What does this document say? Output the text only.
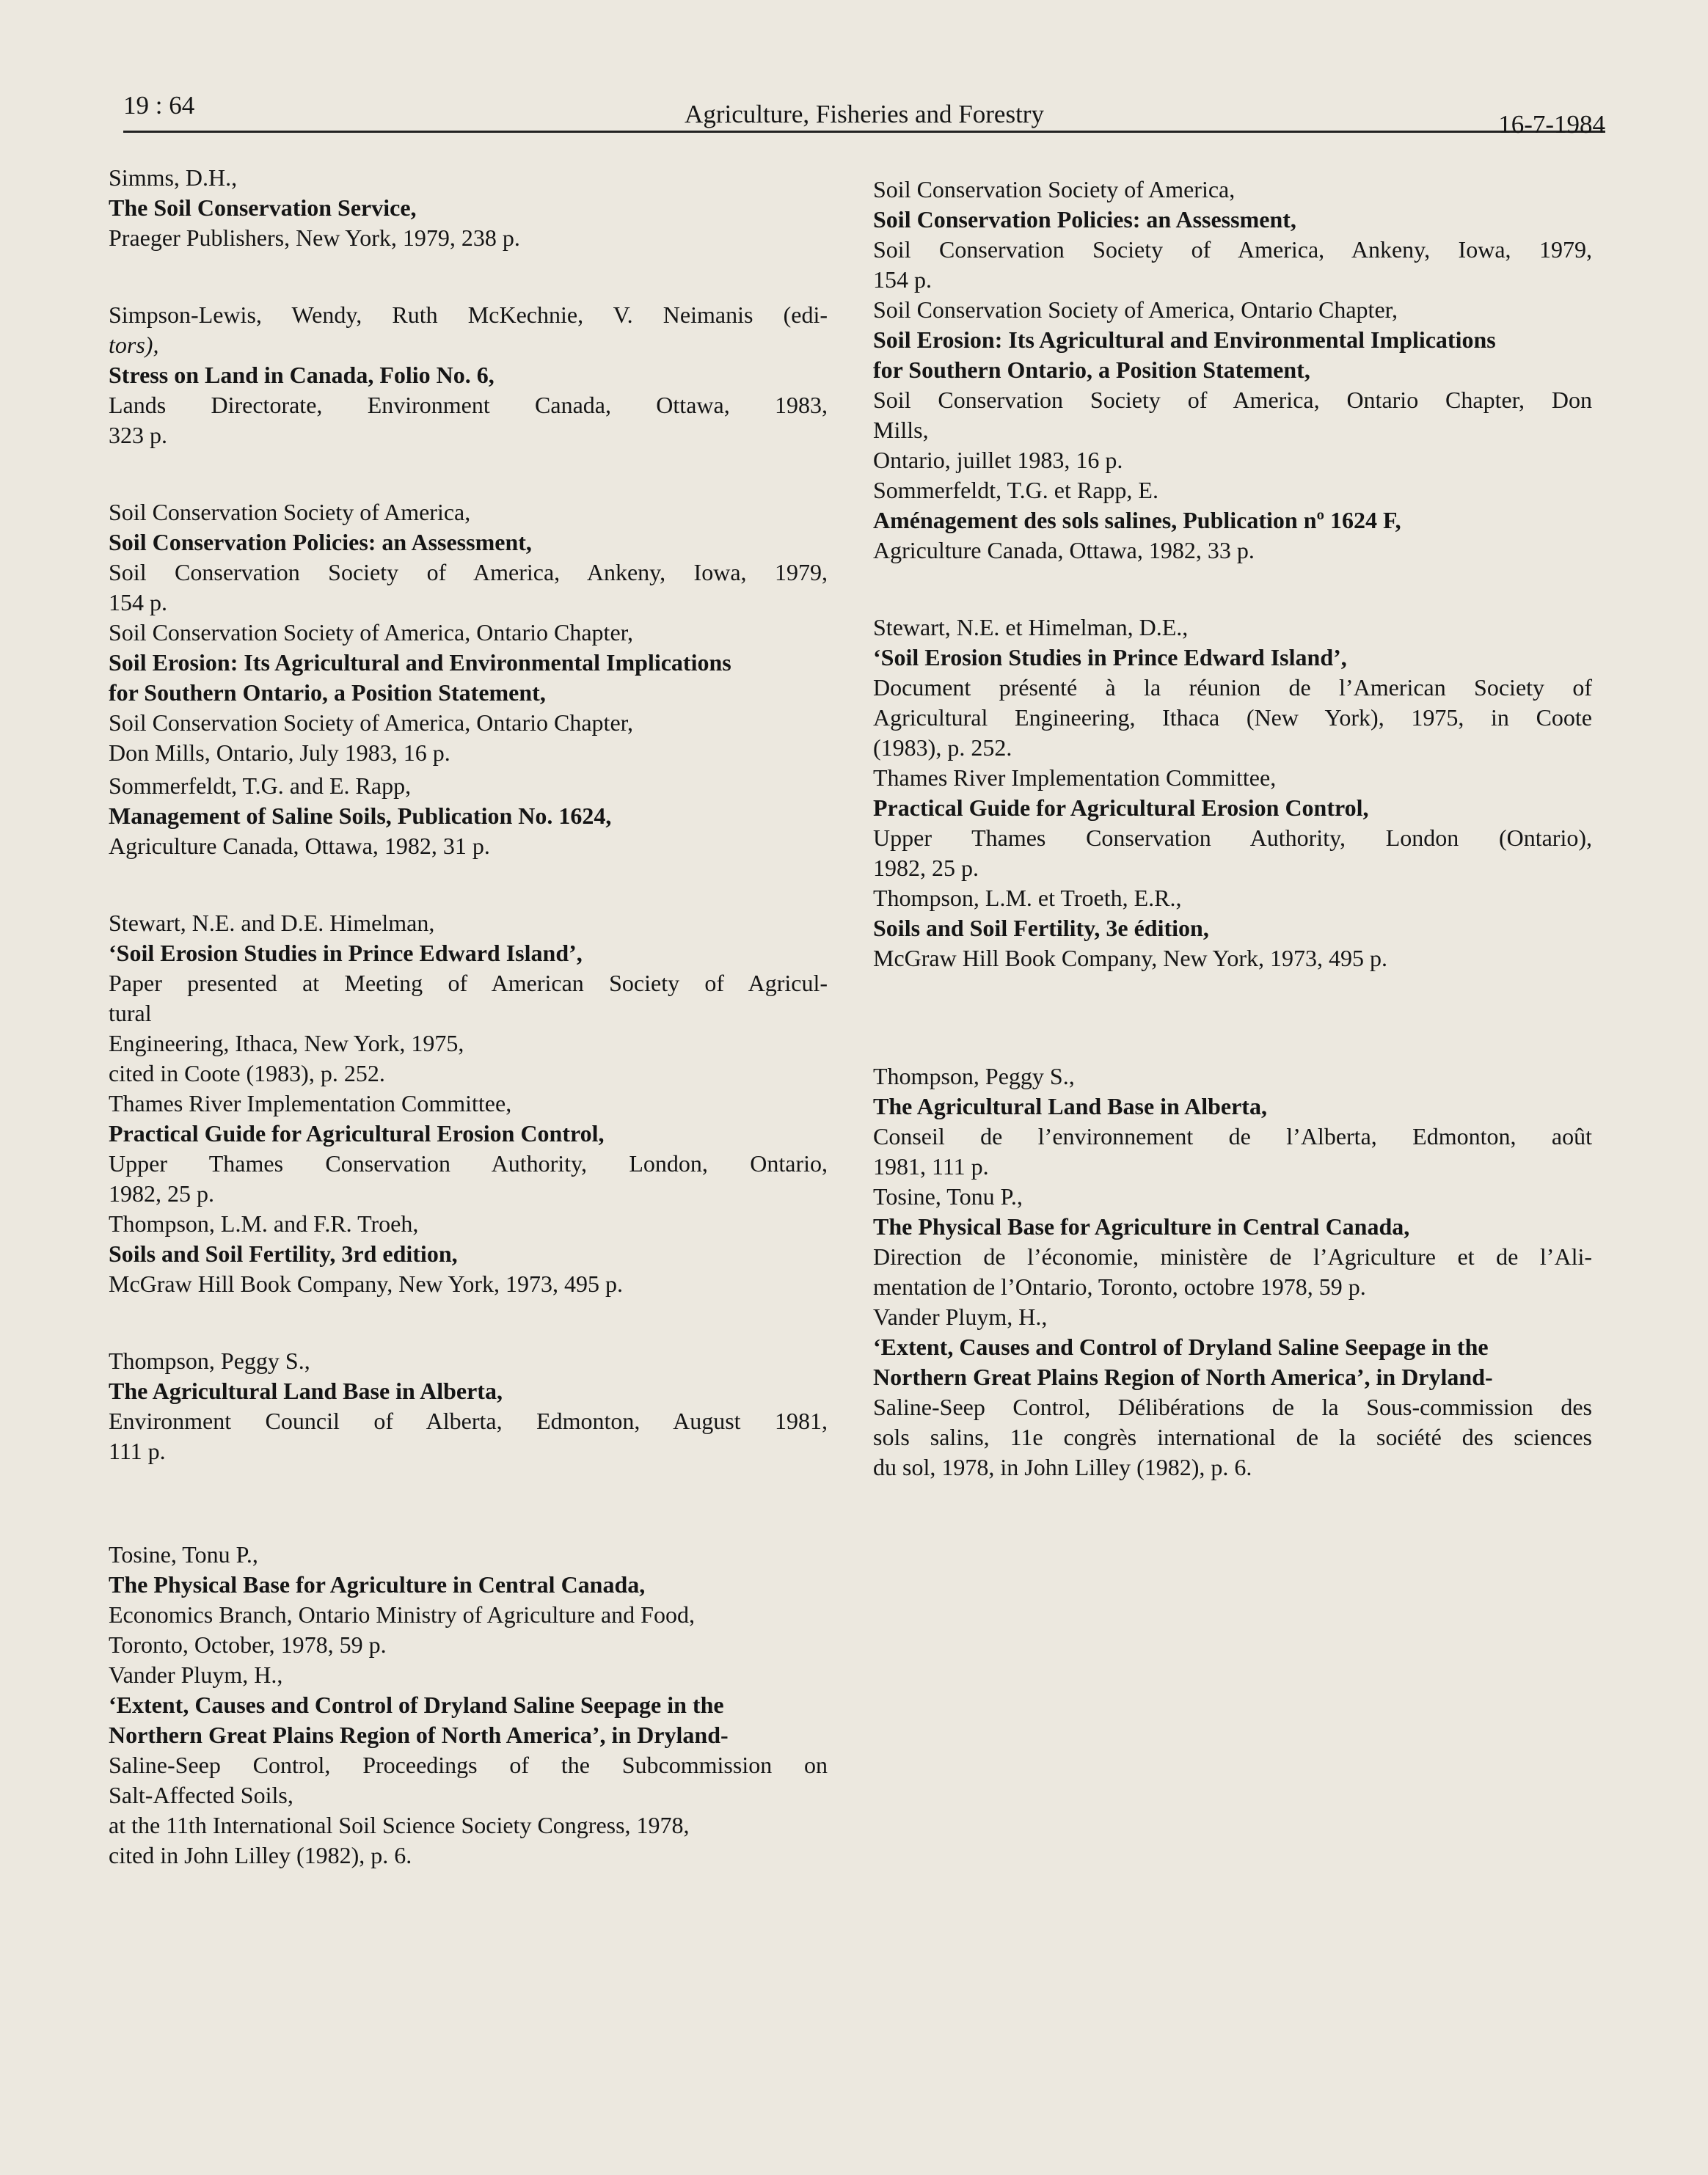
19 : 64	Agriculture, Fisheries and Forestry	16-7-1984
Simms, D.H.,
The Soil Conservation Service,
Praeger Publishers, New York, 1979, 238 p.
Simpson-Lewis, Wendy, Ruth McKechnie, V. Neimanis (edi-
tors),
Stress on Land in Canada, Folio No. 6,
Lands Directorate, Environment Canada, Ottawa, 1983,
323 p.
Soil Conservation Society of America,
Soil Conservation Policies: an Assessment,
Soil Conservation Society of America, Ankeny, Iowa, 1979,
154 p.
Soil Conservation Society of America, Ontario Chapter,
Soil Erosion: Its Agricultural and Environmental Implications
for Southern Ontario, a Position Statement,
Soil Conservation Society of America, Ontario Chapter,
Don Mills, Ontario, July 1983, 16 p.
Sommerfeldt, T.G. and E. Rapp,
Management of Saline Soils, Publication No. 1624,
Agriculture Canada, Ottawa, 1982, 31 p.
Stewart, N.E. and D.E. Himelman,
‘Soil Erosion Studies in Prince Edward Island’,
Paper presented at Meeting of American Society of Agricul-
tural
Engineering, Ithaca, New York, 1975,
cited in Coote (1983), p. 252.
Thames River Implementation Committee,
Practical Guide for Agricultural Erosion Control,
Upper Thames Conservation Authority, London, Ontario,
1982, 25 p.
Thompson, L.M. and F.R. Troeh,
Soils and Soil Fertility, 3rd edition,
McGraw Hill Book Company, New York, 1973, 495 p.
Thompson, Peggy S.,
The Agricultural Land Base in Alberta,
Environment Council of Alberta, Edmonton, August 1981,
111 p.
Tosine, Tonu P.,
The Physical Base for Agriculture in Central Canada,
Economics Branch, Ontario Ministry of Agriculture and Food,
Toronto, October, 1978, 59 p.
Vander Pluym, H.,
‘Extent, Causes and Control of Dryland Saline Seepage in the
Northern Great Plains Region of North America’, in Dryland-
Saline-Seep Control, Proceedings of the Subcommission on
Salt-Affected Soils,
at the 11th International Soil Science Society Congress, 1978,
cited in John Lilley (1982), p. 6.
Soil Conservation Society of America,
Soil Conservation Policies: an Assessment,
Soil Conservation Society of America, Ankeny, Iowa, 1979,
154 p.
Soil Conservation Society of America, Ontario Chapter,
Soil Erosion: Its Agricultural and Environmental Implications
for Southern Ontario, a Position Statement,
Soil Conservation Society of America, Ontario Chapter, Don
Mills,
Ontario, juillet 1983, 16 p.
Sommerfeldt, T.G. et Rapp, E.
Aménagement des sols salines, Publication nº 1624 F,
Agriculture Canada, Ottawa, 1982, 33 p.
Stewart, N.E. et Himelman, D.E.,
‘Soil Erosion Studies in Prince Edward Island’,
Document présenté à la réunion de l’American Society of
Agricultural Engineering, Ithaca (New York), 1975, in Coote
(1983), p. 252.
Thames River Implementation Committee,
Practical Guide for Agricultural Erosion Control,
Upper Thames Conservation Authority, London (Ontario),
1982, 25 p.
Thompson, L.M. et Troeth, E.R.,
Soils and Soil Fertility, 3e édition,
McGraw Hill Book Company, New York, 1973, 495 p.
Thompson, Peggy S.,
The Agricultural Land Base in Alberta,
Conseil de l’environnement de l’Alberta, Edmonton, août
1981, 111 p.
Tosine, Tonu P.,
The Physical Base for Agriculture in Central Canada,
Direction de l’économie, ministère de l’Agriculture et de l’Ali-
mentation de l’Ontario, Toronto, octobre 1978, 59 p.
Vander Pluym, H.,
‘Extent, Causes and Control of Dryland Saline Seepage in the
Northern Great Plains Region of North America’, in Dryland-
Saline-Seep Control, Délibérations de la Sous-commission des
sols salins, 11e congrès international de la société des sciences
du sol, 1978, in John Lilley (1982), p. 6.
